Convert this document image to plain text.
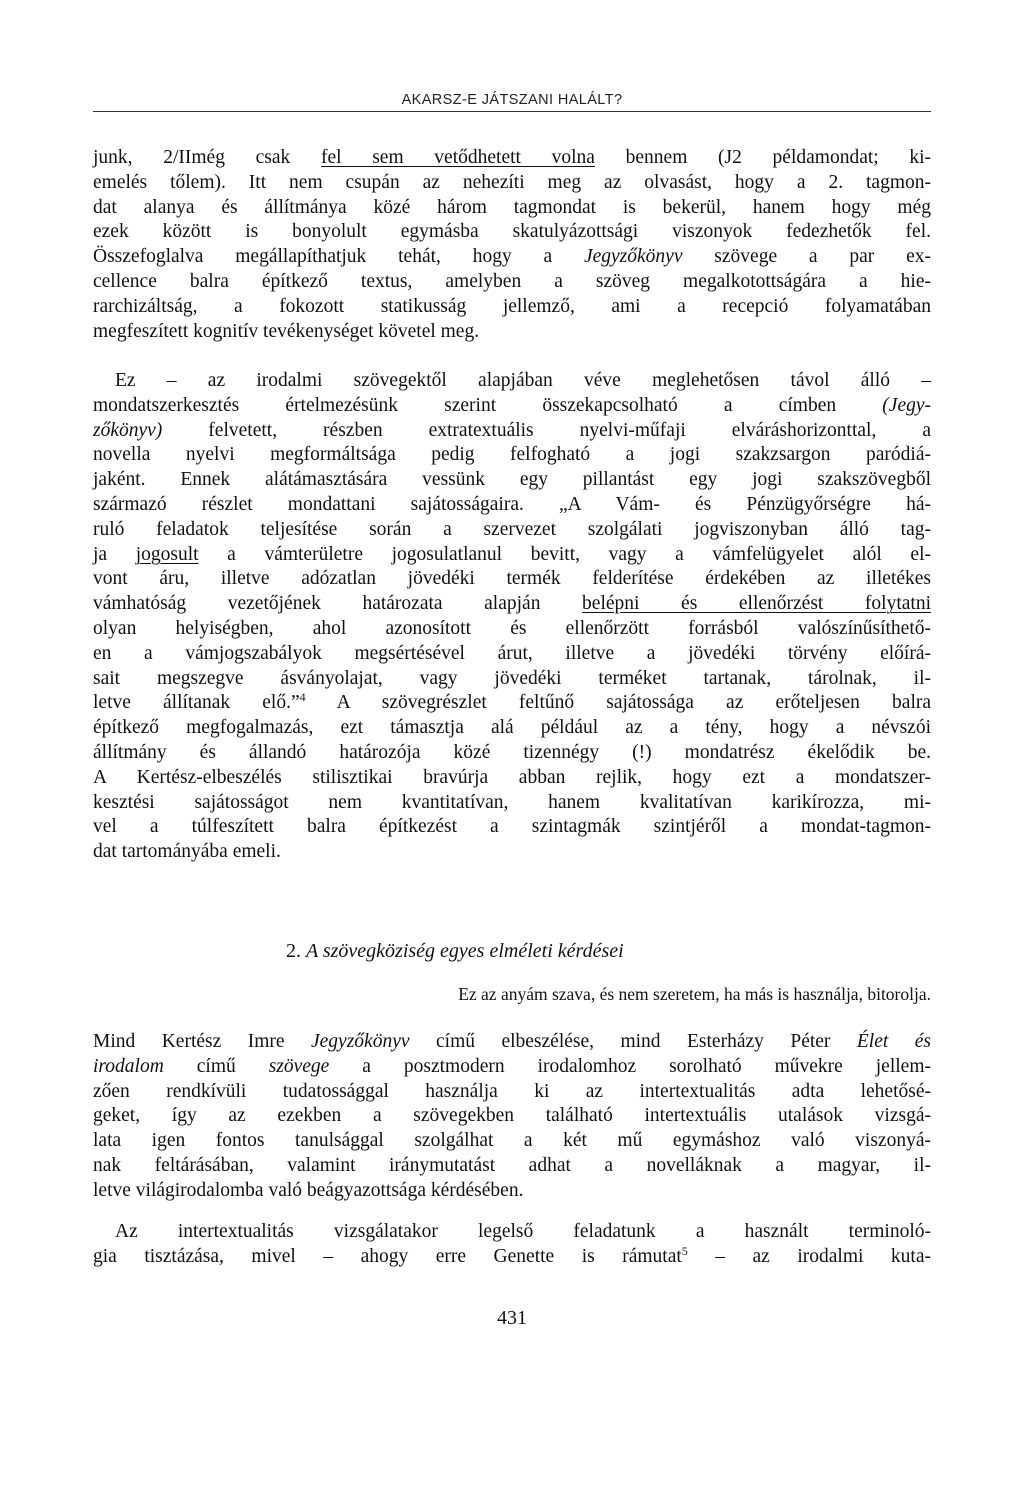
AKARSZ-E JÁTSZANI HALÁLT?

junk, 2/IImég csak fel sem vetődhetett volna bennem (J2 példamondat; ki-

emelés tőlem). Itt nem csupán az nehezíti meg az olvasást, hogy a 2. tagmon-

dat alanya és állítmánya közé három tagmondat is bekerül, hanem hogy még

ezek között is bonyolult egymásba skatulyázottsági viszonyok fedezhetők fel.

Összefoglalva megállapíthatjuk tehát, hogy a Jegyzőkönyv szövege a par ex-

cellence balra építkező textus, amelyben a szöveg megalkotottságára a hie-

rarchizáltság, a fokozott statikusság jellemző, ami a recepció folyamatában

megfeszített kognitív tevékenységet követel meg.

Ez – az irodalmi szövegektől alapjában véve meglehetősen távol álló –

mondatszerkesztés értelmezésünk szerint összekapcsolható a címben (Jegy-

zőkönyv) felvetett, részben extratextuális nyelvi-műfaji elváráshorizonttal, a

novella nyelvi megformáltsága pedig felfogható a jogi szakzsargon paródiá-

jaként. Ennek alátámasztására vessünk egy pillantást egy jogi szakszövegből

származó részlet mondattani sajátosságaira. „A Vám- és Pénzügyőrségre há-

ruló feladatok teljesítése során a szervezet szolgálati jogviszonyban álló tag-

ja jogosult a vámterületre jogosulatlanul bevitt, vagy a vámfelügyelet alól el-

vont áru, illetve adózatlan jövedéki termék felderítése érdekében az illetékes

vámhatóság vezetőjének határozata alapján belépni és ellenőrzést folytatni

olyan helyiségben, ahol azonosított és ellenőrzött forrásból valószínűsíthető-

en a vámjogszabályok megsértésével árut, illetve a jövedéki törvény előírá-

sait megszegve ásványolajat, vagy jövedéki terméket tartanak, tárolnak, il-

letve állítanak elő.”$^4$ A szövegrészlet feltűnő sajátossága az erőteljesen balra

építkező megfogalmazás, ezt támasztja alá például az a tény, hogy a névszói

állítmány és állandó határozója közé tizennégy (!) mondatrész ékelődik be.

A Kertész-elbeszélés stilisztikai bravúrja abban rejlik, hogy ezt a mondatszer-

kesztési sajátosságot nem kvantitatívan, hanem kvalitatívan karikírozza, mi-

vel a túlfeszített balra építkezést a szintagmák szintjéről a mondat-tagmon-

dat tartományába emeli.

2. A szövegköziség egyes elméleti kérdései
Ez az anyám szava, és nem szeretem, ha más is használja, bitorolja.

Mind Kertész Imre Jegyzőkönyv című elbeszélése, mind Esterházy Péter Élet és

irodalom című szövege a posztmodern irodalomhoz sorolható művekre jellem-

zően rendkívüli tudatossággal használja ki az intertextualitás adta lehetősé-

geket, így az ezekben a szövegekben található intertextuális utalások vizsgá-

lata igen fontos tanulsággal szolgálhat a két mű egymáshoz való viszonyá-

nak feltárásában, valamint iránymutatást adhat a novelláknak a magyar, il-

letve világirodalomba való beágyazottsága kérdésében.

Az intertextualitás vizsgálatakor legelső feladatunk a használt terminoló-

gia tisztázása, mivel – ahogy erre Genette is rámutat$^5$ – az irodalmi kuta-

431
